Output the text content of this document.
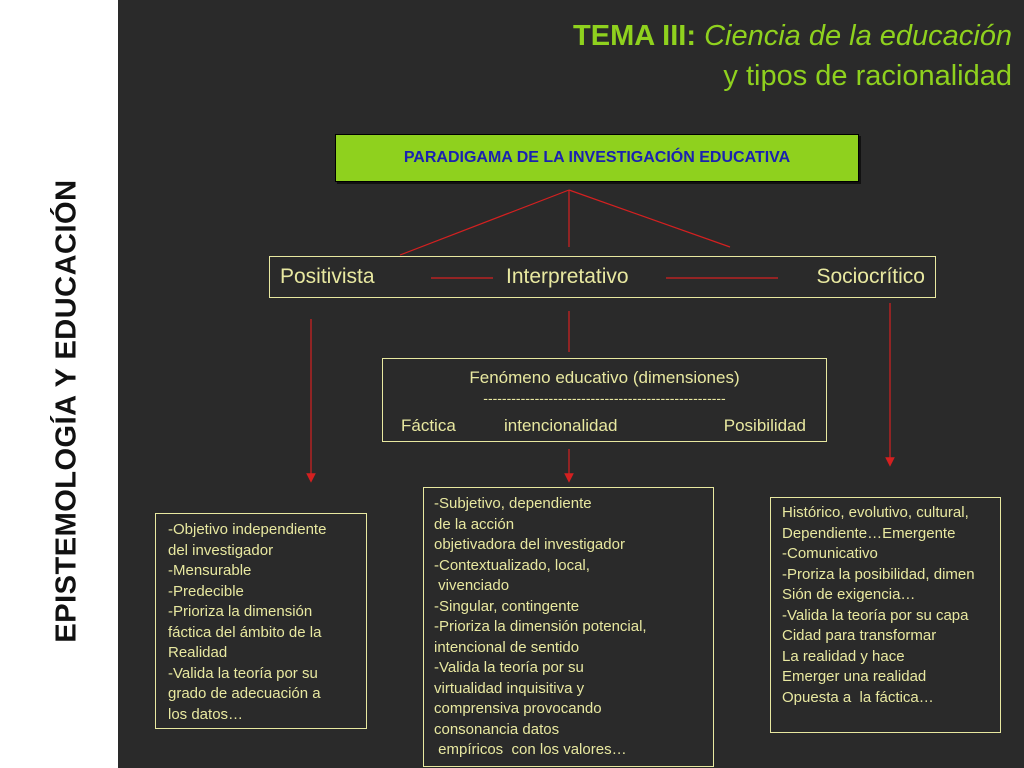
EPISTEMOLOGÍA Y EDUCACIÓN
TEMA III: Ciencia de la educación
y tipos de racionalidad
PARADIGAMA DE LA INVESTIGACIÓN EDUCATIVA
Positivista	Interpretativo	Sociocrítico
Fenómeno educativo (dimensiones)
----------------------------------------------------
Fáctica	intencionalidad	Posibilidad
-Objetivo independiente
del investigador
-Mensurable
-Predecible
-Prioriza la dimensión
fáctica del ámbito de la
Realidad
-Valida la teoría por su
grado de adecuación a
los datos…
-Subjetivo, dependiente
de la acción
objetivadora del investigador
-Contextualizado, local,
vivenciado
-Singular, contingente
-Prioriza la dimensión potencial,
intencional de sentido
-Valida la teoría por su
virtualidad inquisitiva y
comprensiva provocando
consonancia datos
empíricos  con los valores…
Histórico, evolutivo, cultural,
Dependiente…Emergente
-Comunicativo
-Proriza la posibilidad, dimen
Sión de exigencia…
-Valida la teoría por su capa
Cidad para transformar
La realidad y hace
Emerger una realidad
Opuesta a  la fáctica…
